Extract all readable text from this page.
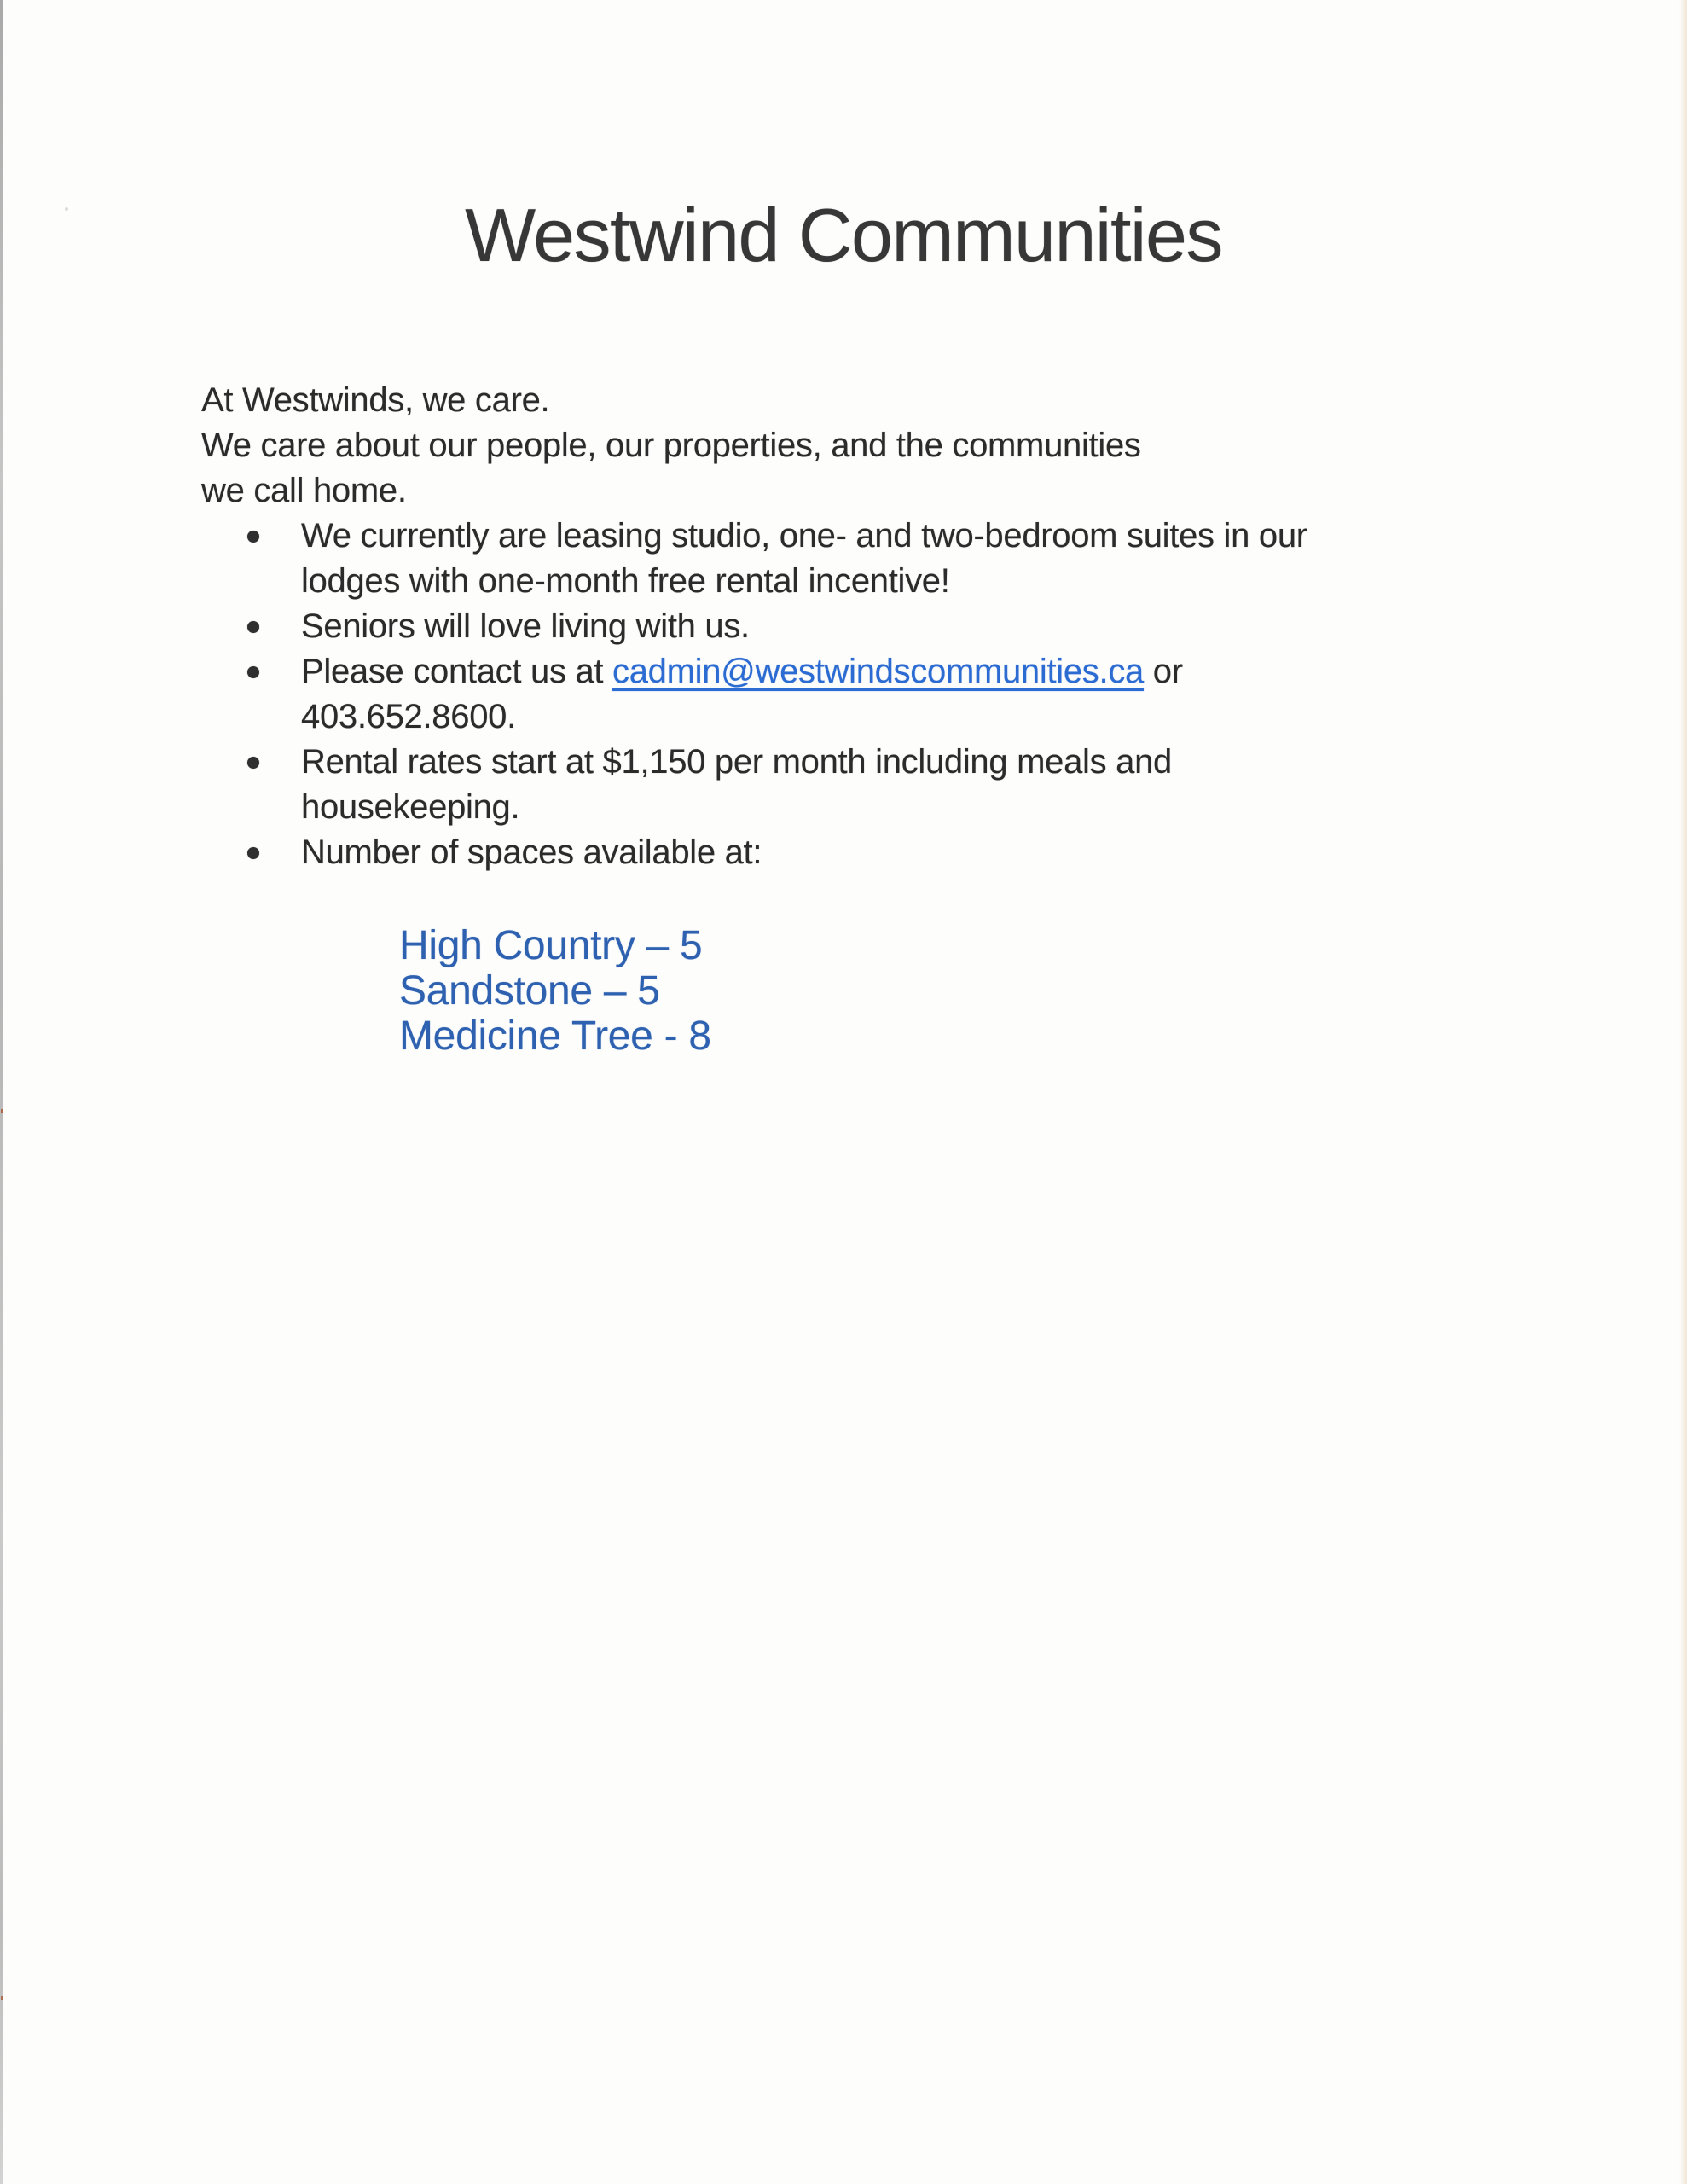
Westwind Communities
At Westwinds, we care.
We care about our people, our properties, and the communities
we call home.
We currently are leasing studio, one- and two-bedroom suites in our
lodges with one-month free rental incentive!
Seniors will love living with us.
Please contact us at cadmin@westwindscommunities.ca or
403.652.8600.
Rental rates start at $1,150 per month including meals and
housekeeping.
Number of spaces available at:
High Country – 5
Sandstone – 5
Medicine Tree - 8
